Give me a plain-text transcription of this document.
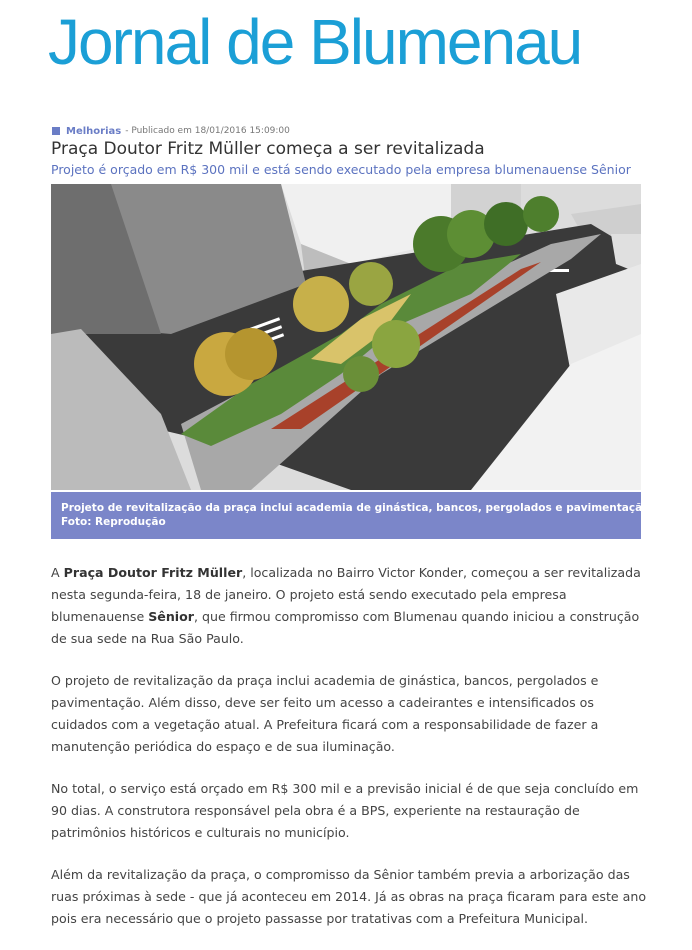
Jornal de Blumenau
Melhorias - Publicado em 18/01/2016 15:09:00
Praça Doutor Fritz Müller começa a ser revitalizada
Projeto é orçado em R$ 300 mil e está sendo executado pela empresa blumenauense Sênior
Projeto de revitalização da praça inclui academia de ginástica, bancos, pergolados e pavimentação
Foto: Reprodução

A Praça Doutor Fritz Müller, localizada no Bairro Victor Konder, começou a ser revitalizada
nesta segunda-feira, 18 de janeiro. O projeto está sendo executado pela empresa
blumenauense Sênior, que firmou compromisso com Blumenau quando iniciou a construção
de sua sede na Rua São Paulo.

O projeto de revitalização da praça inclui academia de ginástica, bancos, pergolados e
pavimentação. Além disso, deve ser feito um acesso a cadeirantes e intensificados os
cuidados com a vegetação atual. A Prefeitura ficará com a responsabilidade de fazer a
manutenção periódica do espaço e de sua iluminação.

No total, o serviço está orçado em R$ 300 mil e a previsão inicial é de que seja concluído em
90 dias. A construtora responsável pela obra é a BPS, experiente na restauração de
patrimônios históricos e culturais no município.

Além da revitalização da praça, o compromisso da Sênior também previa a arborização das
ruas próximas à sede - que já aconteceu em 2014. Já as obras na praça ficaram para este ano
pois era necessário que o projeto passasse por tratativas com a Prefeitura Municipal.
